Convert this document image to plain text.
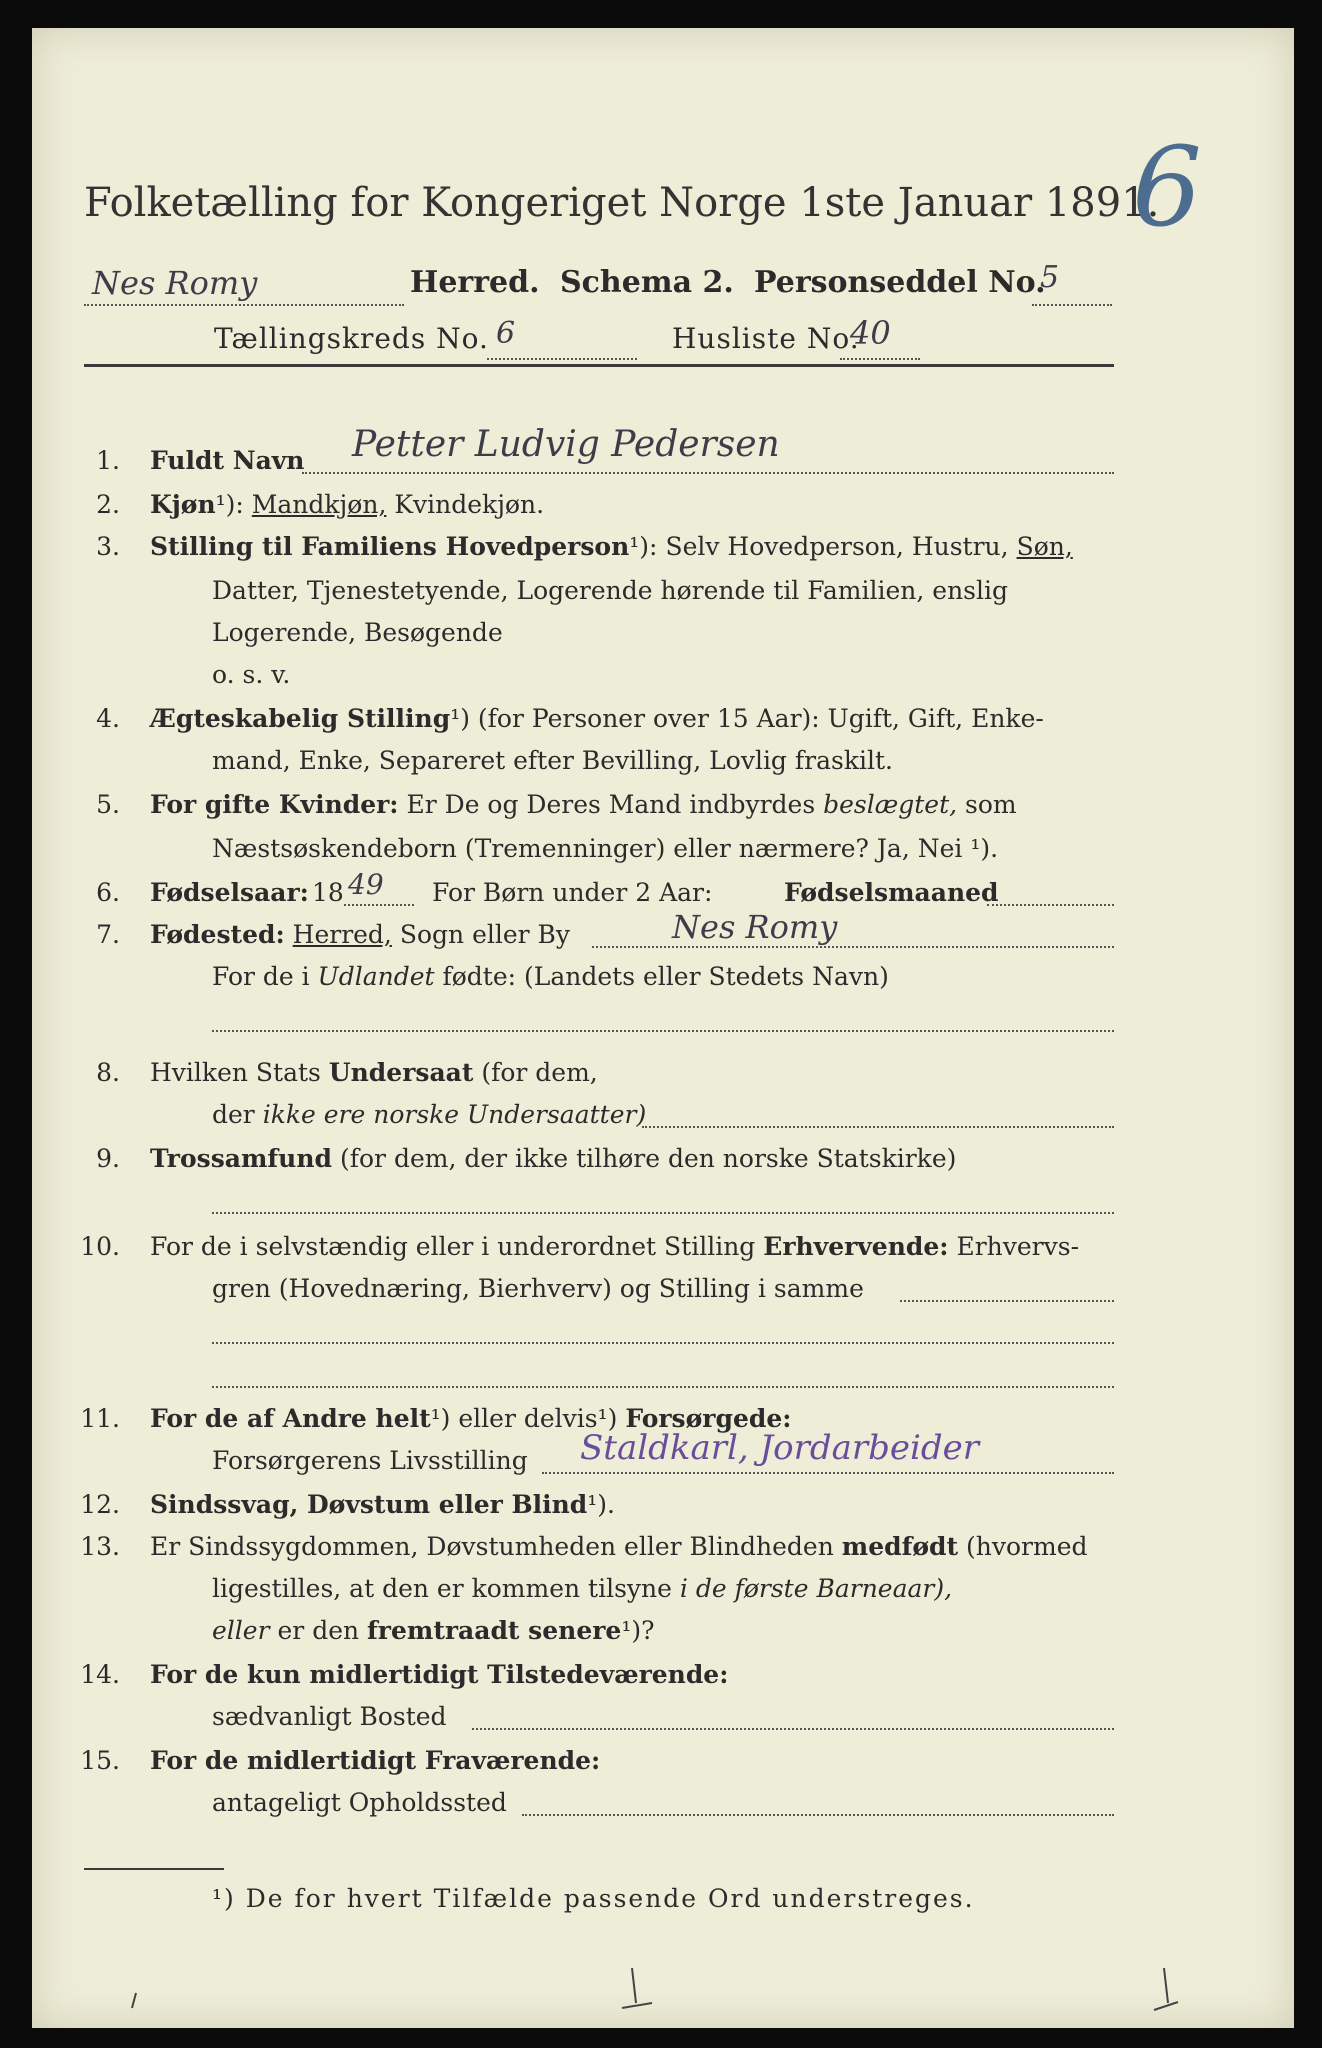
Folketælling for Kongeriget Norge 1ste Januar 1891.
6
Nes Romy	Herred. Schema 2. Personseddel No.
5
Tællingskreds No. 6	Husliste No.
40
1. Fuldt Navn Petter Ludvig Pedersen
2. Kjøn¹): Mandkjøn, Kvindekjøn.
3. Stilling til Familiens Hovedperson¹): Selv Hovedperson, Hustru, Søn,
Datter, Tjenestetyende, Logerende hørende til Familien, enslig
Logerende, Besøgende
o. s. v.
4. Ægteskabelig Stilling¹) (for Personer over 15 Aar): Ugift, Gift, Enke-
mand, Enke, Separeret efter Bevilling, Lovlig fraskilt.
5. For gifte Kvinder: Er De og Deres Mand indbyrdes beslægtet, som
Næstsøskendeborn (Tremenninger) eller nærmere? Ja, Nei ¹).
6. Fødselsaar: 18 49 For Børn under 2 Aar:	Fødselsmaaned
7. Fødested: Herred, Sogn eller By	Nes Romy
For de i Udlandet fødte: (Landets eller Stedets Navn)
8. Hvilken Stats Undersaat (for dem,
der ikke ere norske Undersaatter)
9. Trossamfund (for dem, der ikke tilhøre den norske Statskirke)
10. For de i selvstændig eller i underordnet Stilling Erhvervende: Erhvervs-
gren (Hovednæring, Bierhverv) og Stilling i samme
11. For de af Andre helt¹) eller delvis¹) Forsørgede:
Forsørgerens Livsstilling Staldkarl, Jordarbeider
12. Sindssvag, Døvstum eller Blind¹).
13. Er Sindssygdommen, Døvstumheden eller Blindheden medfødt (hvormed
ligestilles, at den er kommen tilsyne i de første Barneaar),
eller er den fremtraadt senere¹)?
14. For de kun midlertidigt Tilstedeværende:
sædvanligt Bosted
15. For de midlertidigt Fraværende:
antageligt Opholdssted
¹) De for hvert Tilfælde passende Ord understreges.
